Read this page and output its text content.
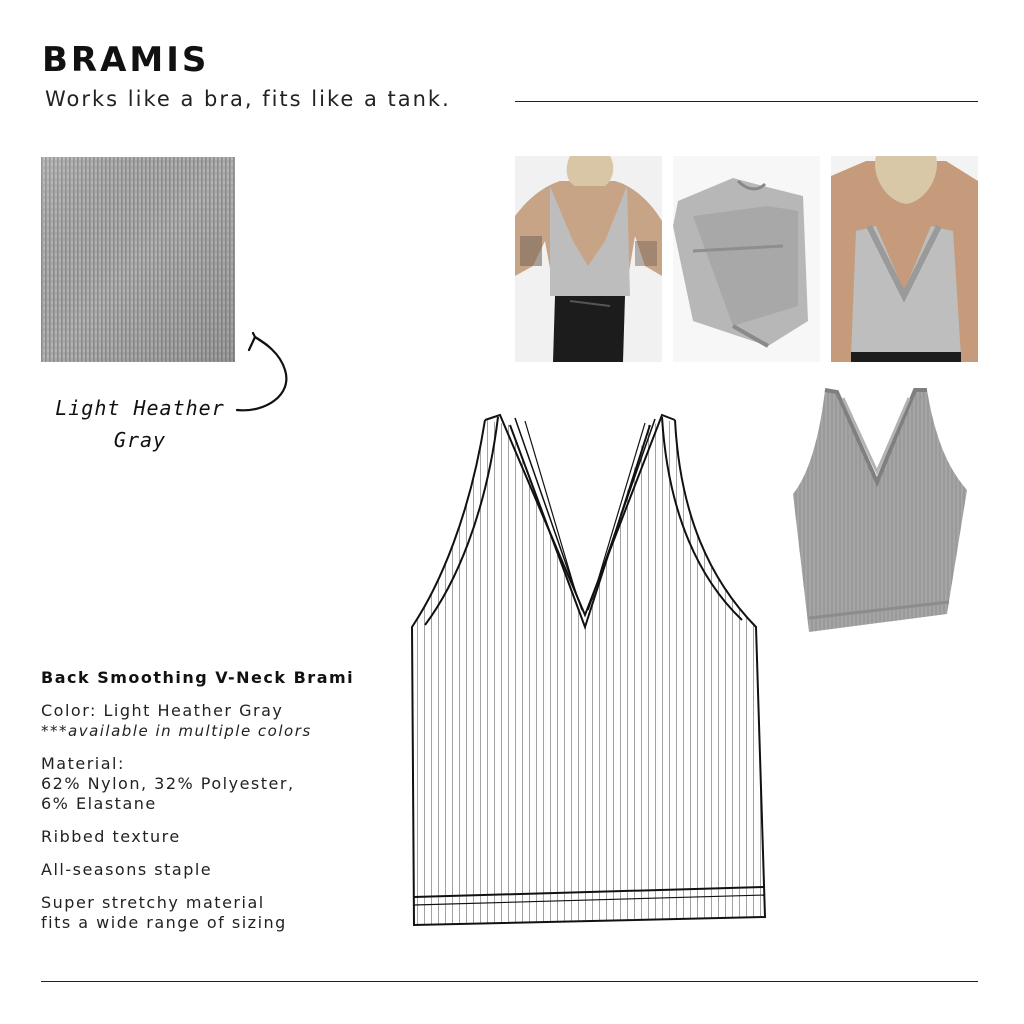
BRAMIS
Works like a bra, fits like a tank.
Light Heather
Gray
Back Smoothing V-Neck Brami
Color: Light Heather Gray
***available in multiple colors
Material:
62% Nylon, 32% Polyester,
6% Elastane
Ribbed texture
All-seasons staple
Super stretchy material
fits a wide range of sizing
